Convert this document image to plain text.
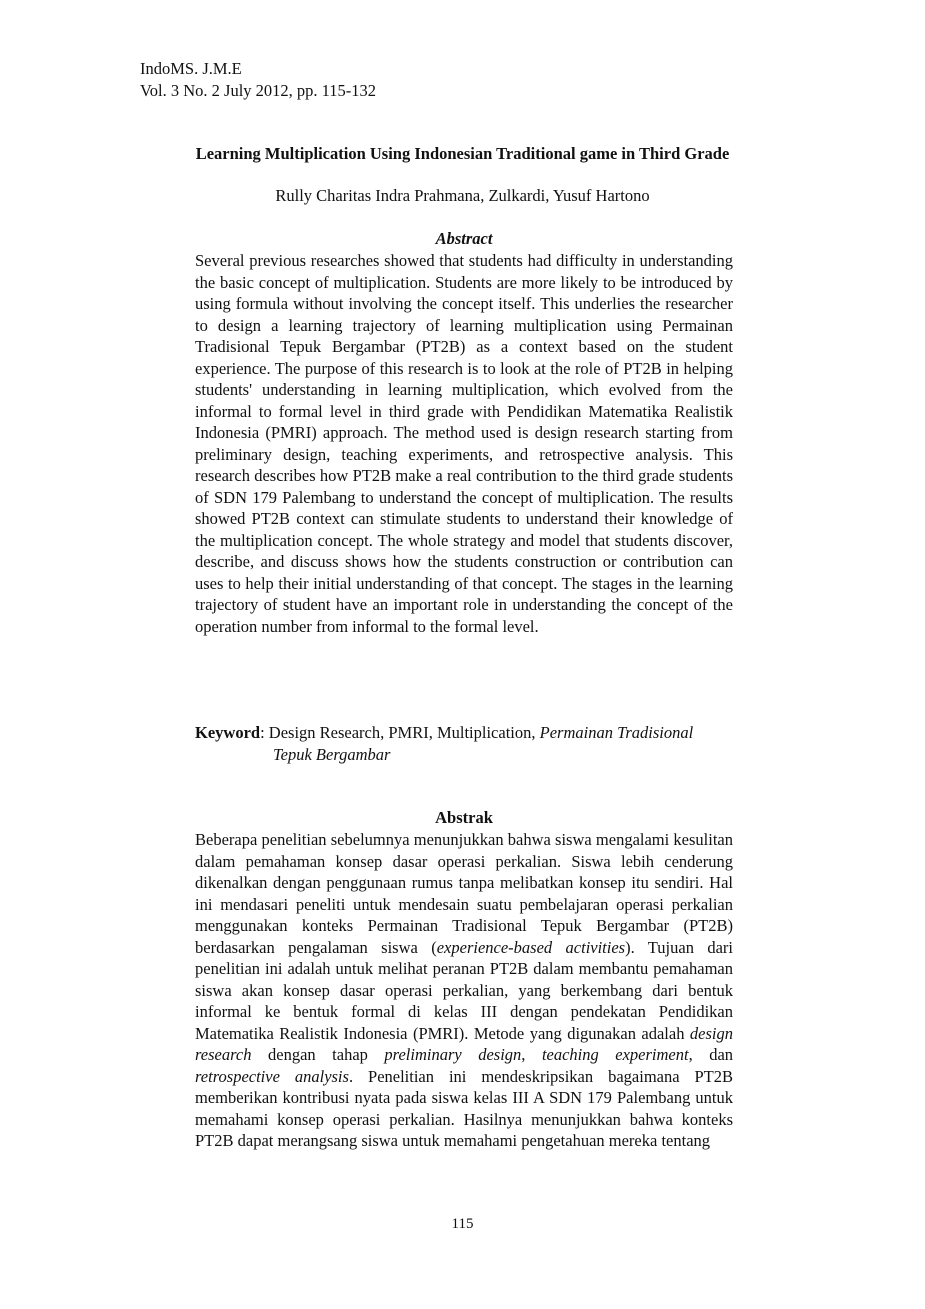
IndoMS. J.M.E
Vol. 3 No. 2 July 2012, pp. 115-132
Learning Multiplication Using Indonesian Traditional game in Third Grade
Rully Charitas Indra Prahmana, Zulkardi, Yusuf Hartono
Abstract
Several previous researches showed that students had difficulty in understanding the basic concept of multiplication. Students are more likely to be introduced by using formula without involving the concept itself. This underlies the researcher to design a learning trajectory of learning multiplication using Permainan Tradisional Tepuk Bergambar (PT2B) as a context based on the student experience. The purpose of this research is to look at the role of PT2B in helping students' understanding in learning multiplication, which evolved from the informal to formal level in third grade with Pendidikan Matematika Realistik Indonesia (PMRI) approach. The method used is design research starting from preliminary design, teaching experiments, and retrospective analysis. This research describes how PT2B make a real contribution to the third grade students of SDN 179 Palembang to understand the concept of multiplication. The results showed PT2B context can stimulate students to understand their knowledge of the multiplication concept. The whole strategy and model that students discover, describe, and discuss shows how the students construction or contribution can uses to help their initial understanding of that concept. The stages in the learning trajectory of student have an important role in understanding the concept of the operation number from informal to the formal level.
Keyword: Design Research, PMRI, Multiplication, Permainan Tradisional
Tepuk Bergambar
Abstrak
Beberapa penelitian sebelumnya menunjukkan bahwa siswa mengalami kesulitan dalam pemahaman konsep dasar operasi perkalian. Siswa lebih cenderung dikenalkan dengan penggunaan rumus tanpa melibatkan konsep itu sendiri. Hal ini mendasari peneliti untuk mendesain suatu pembelajaran operasi perkalian menggunakan konteks Permainan Tradisional Tepuk Bergambar (PT2B) berdasarkan pengalaman siswa (experience-based activities). Tujuan dari penelitian ini adalah untuk melihat peranan PT2B dalam membantu pemahaman siswa akan konsep dasar operasi perkalian, yang berkembang dari bentuk informal ke bentuk formal di kelas III dengan pendekatan Pendidikan Matematika Realistik Indonesia (PMRI). Metode yang digunakan adalah design research dengan tahap preliminary design, teaching experiment, dan retrospective analysis. Penelitian ini mendeskripsikan bagaimana PT2B memberikan kontribusi nyata pada siswa kelas III A SDN 179 Palembang untuk memahami konsep operasi perkalian. Hasilnya menunjukkan bahwa konteks PT2B dapat merangsang siswa untuk memahami pengetahuan mereka tentang
115
